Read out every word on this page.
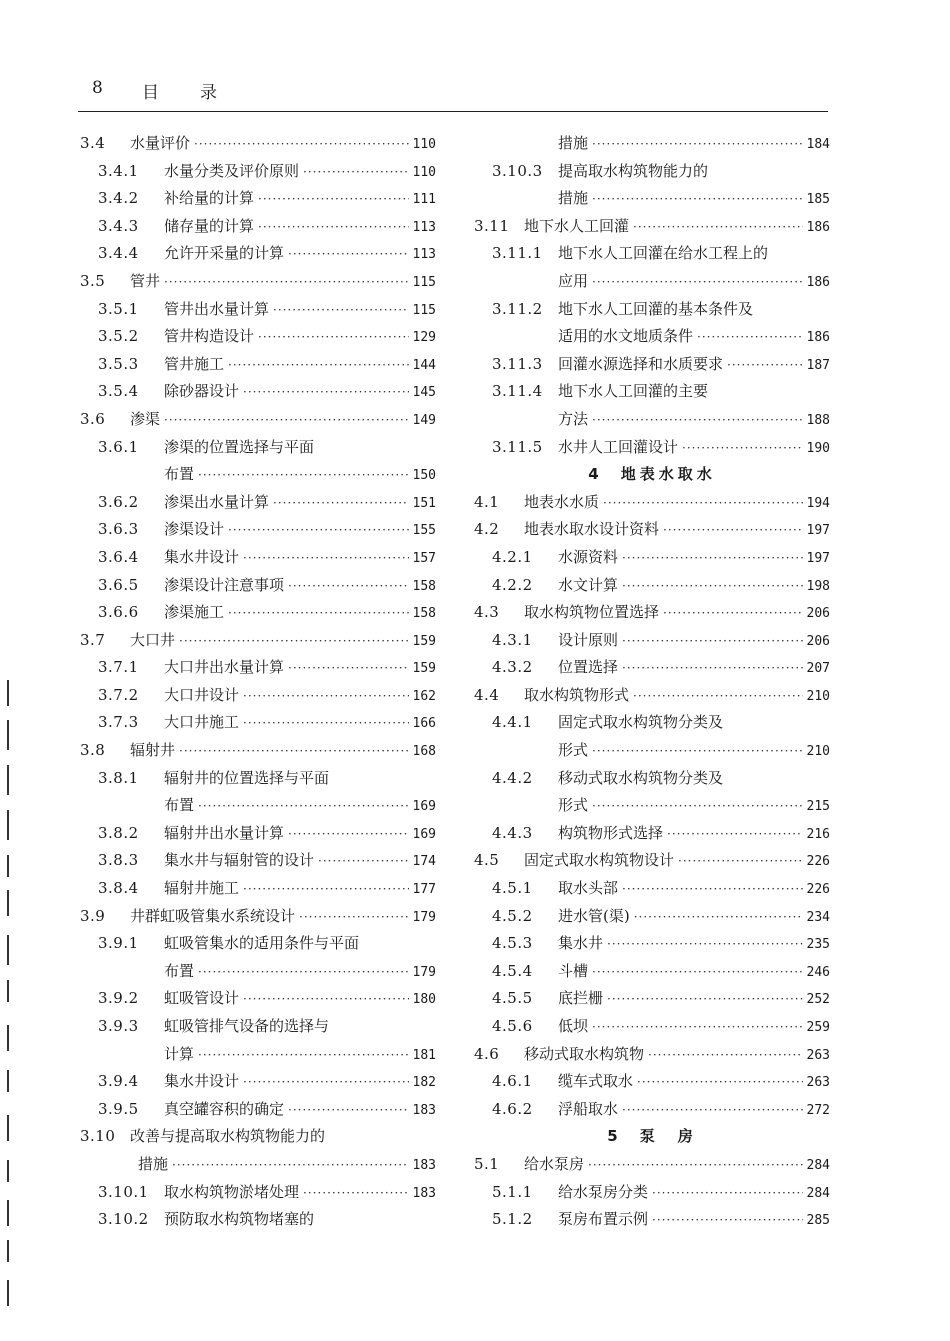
8 目 录
3.4 水量评价 ·····	110
3.4.1 水量分类及评价原则 ·····	110
3.4.2 补给量的计算 ·····	111
3.4.3 储存量的计算 ·····	113
3.4.4 允许开采量的计算 ·····	113
3.5 管井 ·····	115
3.5.1 管井出水量计算 ·····	115
3.5.2 管井构造设计 ·····	129
3.5.3 管井施工 ·····	144
3.5.4 除砂器设计 ·····	145
3.6 渗渠 ·····	149
3.6.1 渗渠的位置选择与平面
布置 ·····	150
3.6.2 渗渠出水量计算 ·····	151
3.6.3 渗渠设计 ·····	155
3.6.4 集水井设计 ·····	157
3.6.5 渗渠设计注意事项 ·····	158
3.6.6 渗渠施工 ·····	158
3.7 大口井 ·····	159
3.7.1 大口井出水量计算 ·····	159
3.7.2 大口井设计 ·····	162
3.7.3 大口井施工 ·····	166
3.8 辐射井 ·····	168
3.8.1 辐射井的位置选择与平面
布置 ·····	169
3.8.2 辐射井出水量计算 ·····	169
3.8.3 集水井与辐射管的设计 ·····	174
3.8.4 辐射井施工 ·····	177
3.9 井群虹吸管集水系统设计 ·····	179
3.9.1 虹吸管集水的适用条件与平面
布置 ·····	179
3.9.2 虹吸管设计 ·····	180
3.9.3 虹吸管排气设备的选择与
计算 ·····	181
3.9.4 集水井设计 ·····	182
3.9.5 真空罐容积的确定 ·····	183
3.10 改善与提高取水构筑物能力的
措施 ·····	183
3.10.1 取水构筑物淤堵处理 ·····	183
3.10.2 预防取水构筑物堵塞的
措施 ·····	184
3.10.3 提高取水构筑物能力的
措施 ·····	185
3.11 地下水人工回灌 ·····	186
3.11.1 地下水人工回灌在给水工程上的
应用 ·····	186
3.11.2 地下水人工回灌的基本条件及
适用的水文地质条件 ·····	186
3.11.3 回灌水源选择和水质要求 ·····	187
3.11.4 地下水人工回灌的主要
方法 ·····	188
3.11.5 水井人工回灌设计 ·····	190
4 地表水取水
4.1 地表水水质 ·····	194
4.2 地表水取水设计资料 ·····	197
4.2.1 水源资料 ·····	197
4.2.2 水文计算 ·····	198
4.3 取水构筑物位置选择 ·····	206
4.3.1 设计原则 ·····	206
4.3.2 位置选择 ·····	207
4.4 取水构筑物形式 ·····	210
4.4.1 固定式取水构筑物分类及
形式 ·····	210
4.4.2 移动式取水构筑物分类及
形式 ·····	215
4.4.3 构筑物形式选择 ·····	216
4.5 固定式取水构筑物设计 ·····	226
4.5.1 取水头部 ·····	226
4.5.2 进水管(渠) ·····	234
4.5.3 集水井 ·····	235
4.5.4 斗槽 ·····	246
4.5.5 底拦栅 ·····	252
4.5.6 低坝 ·····	259
4.6 移动式取水构筑物 ·····	263
4.6.1 缆车式取水 ·····	263
4.6.2 浮船取水 ·····	272
5 泵　房
5.1 给水泵房 ·····	284
5.1.1 给水泵房分类 ·····	284
5.1.2 泵房布置示例 ·····	285
